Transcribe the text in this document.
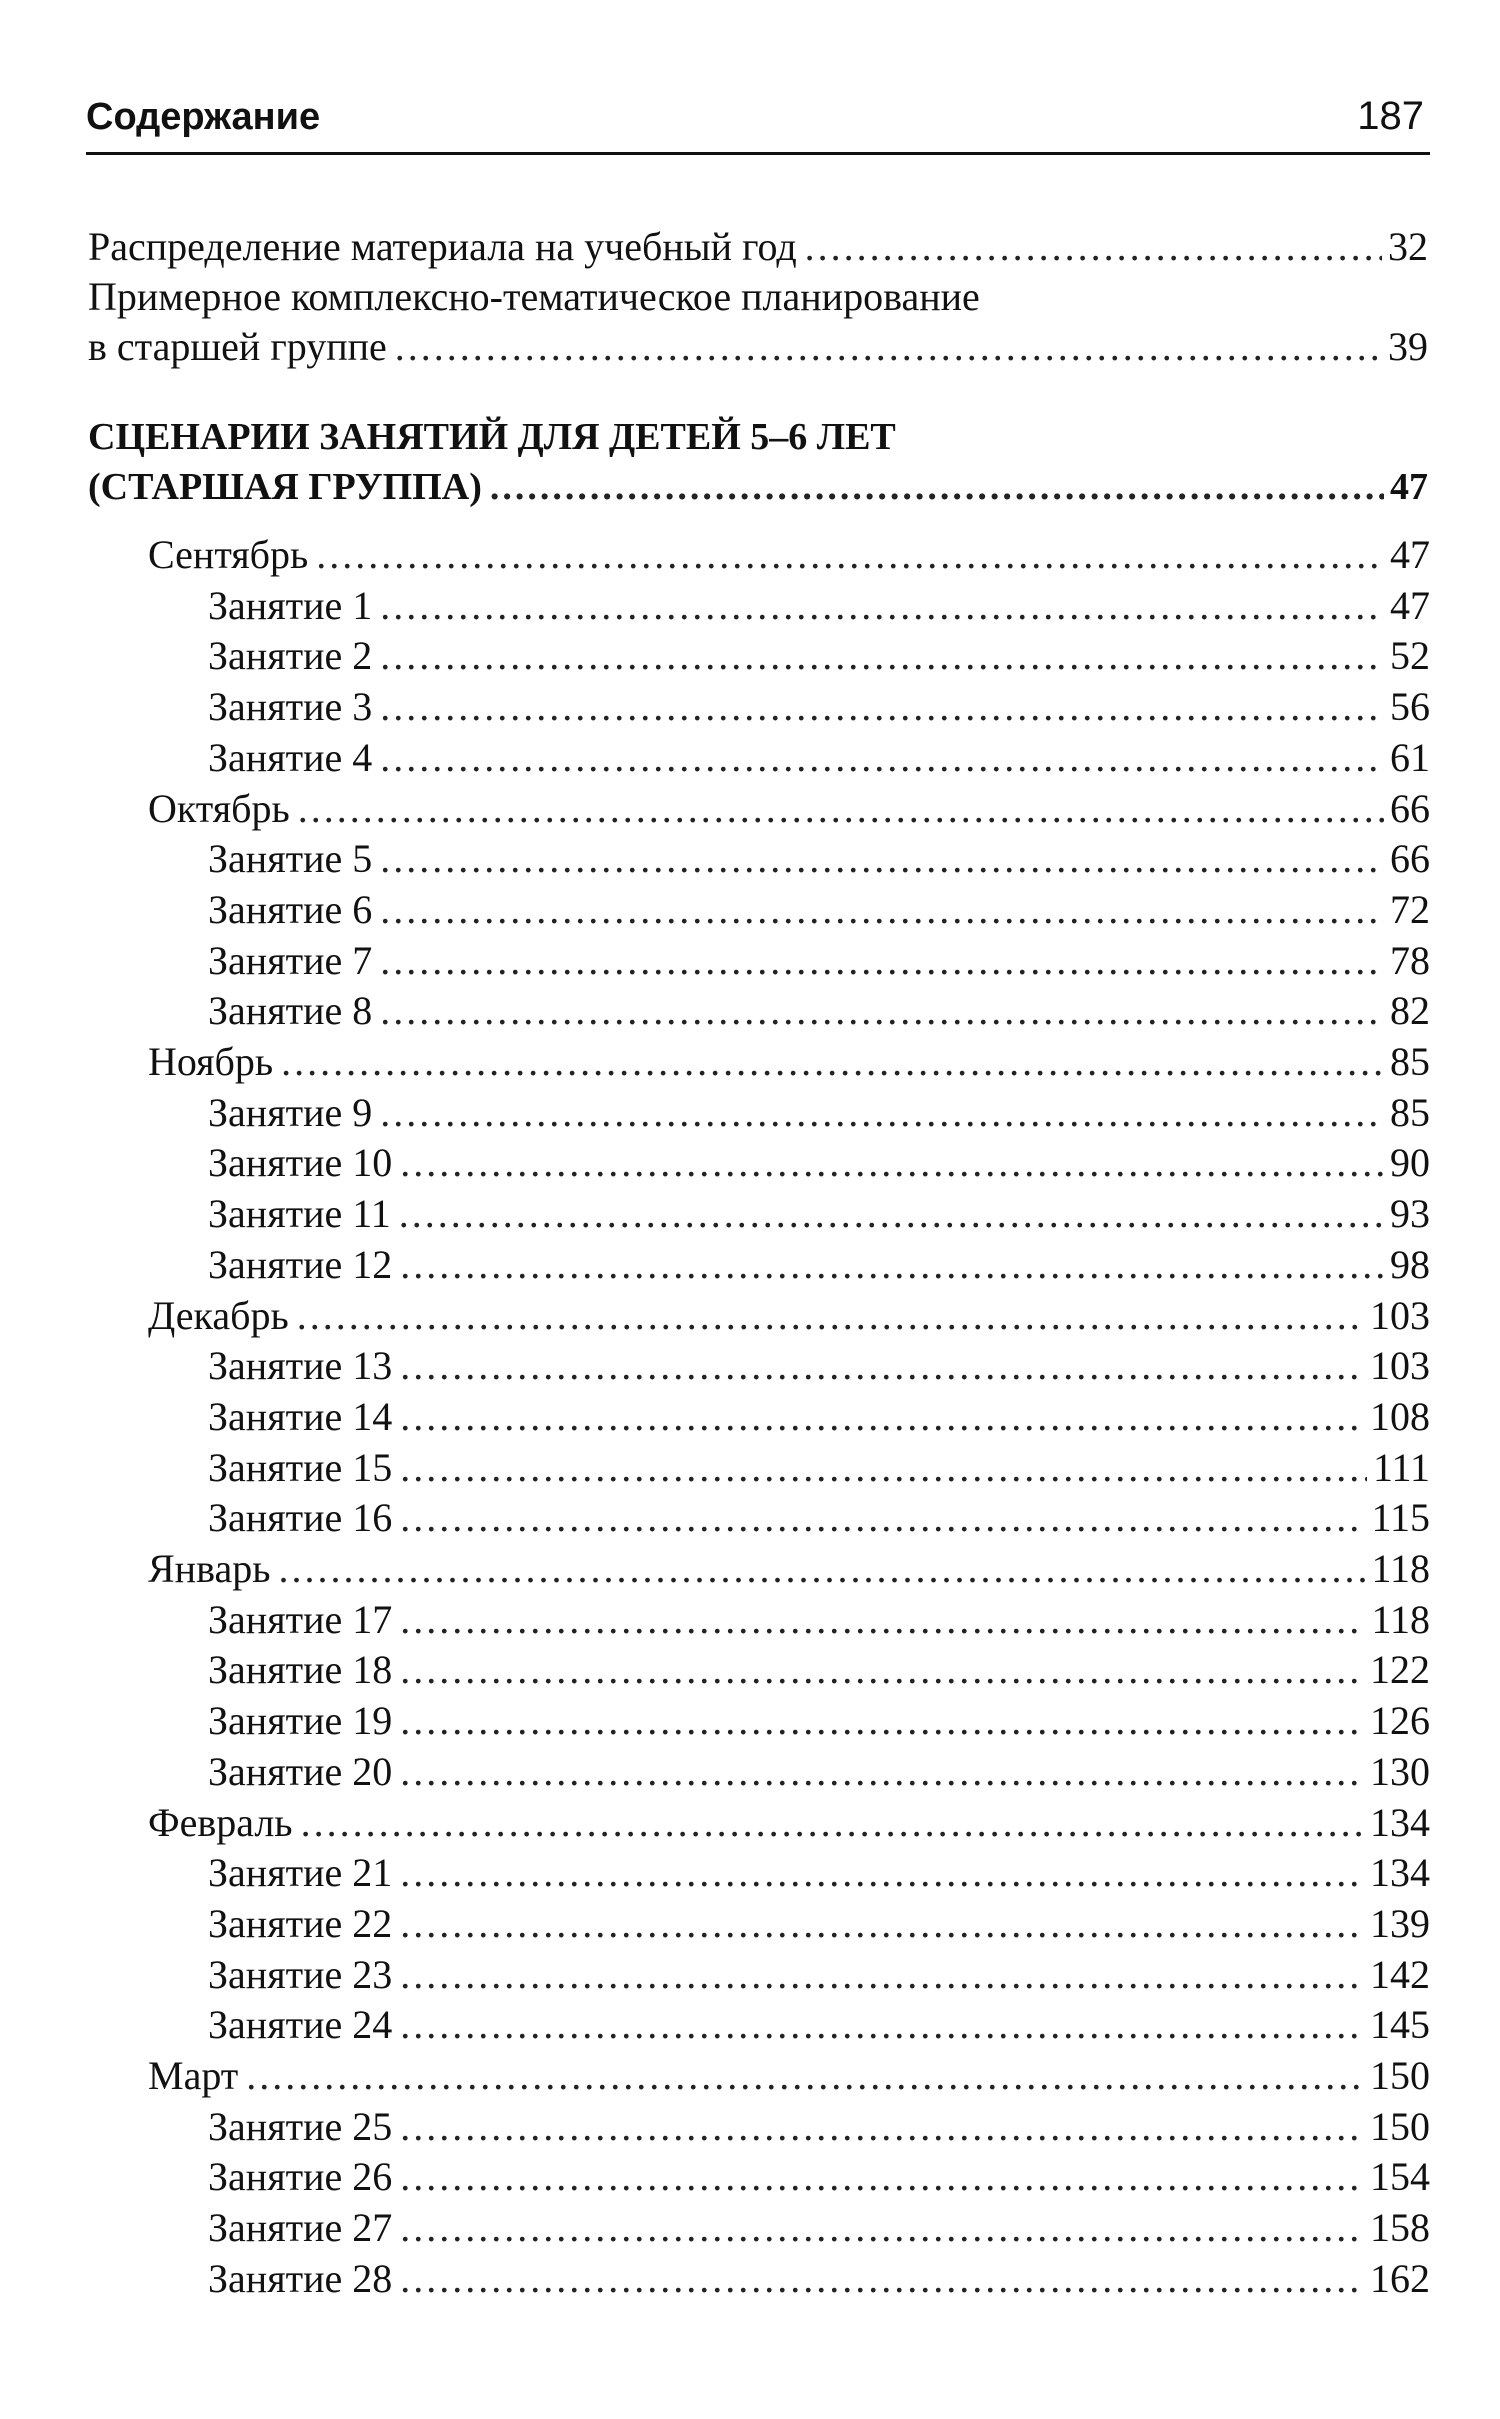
Содержание	187
Распределение материала на учебный год .....	32
Примерное комплексно-тематическое планирование
в старшей группе .....	39
СЦЕНАРИИ ЗАНЯТИЙ ДЛЯ ДЕТЕЙ 5–6 ЛЕТ
(СТАРШАЯ ГРУППА) .....	47
Сентябрь .....	47
Занятие 1 .....	47
Занятие 2 .....	52
Занятие 3 .....	56
Занятие 4 .....	61
Октябрь .....	66
Занятие 5 .....	66
Занятие 6 .....	72
Занятие 7 .....	78
Занятие 8 .....	82
Ноябрь .....	85
Занятие 9 .....	85
Занятие 10 .....	90
Занятие 11 .....	93
Занятие 12 .....	98
Декабрь .....	103
Занятие 13 .....	103
Занятие 14 .....	108
Занятие 15 .....	111
Занятие 16 .....	115
Январь .....	118
Занятие 17 .....	118
Занятие 18 .....	122
Занятие 19 .....	126
Занятие 20 .....	130
Февраль .....	134
Занятие 21 .....	134
Занятие 22 .....	139
Занятие 23 .....	142
Занятие 24 .....	145
Март .....	150
Занятие 25 .....	150
Занятие 26 .....	154
Занятие 27 .....	158
Занятие 28 .....	162
